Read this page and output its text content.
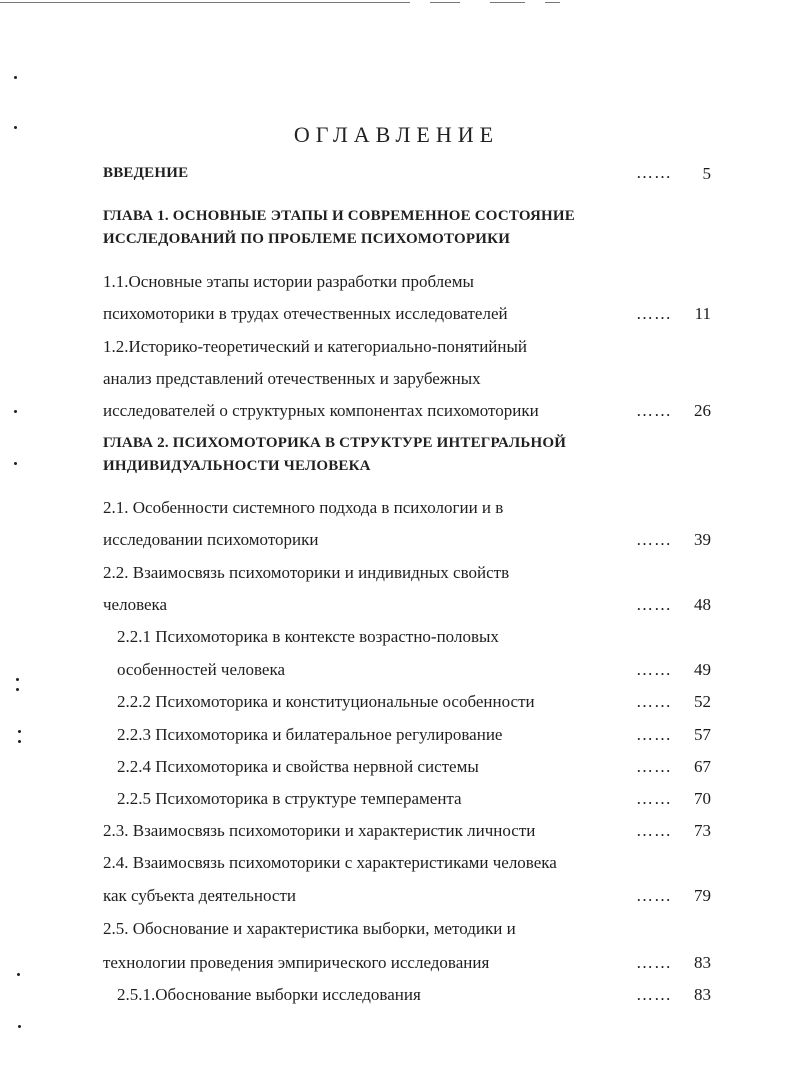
ОГЛАВЛЕНИЕ
ВВЕДЕНИЕ	……	5
ГЛАВА 1. ОСНОВНЫЕ ЭТАПЫ И СОВРЕМЕННОЕ СОСТОЯНИЕ
ИССЛЕДОВАНИЙ ПО ПРОБЛЕМЕ ПСИХОМОТОРИКИ
1.1.Основные этапы истории разработки проблемы
психомоторики в трудах отечественных исследователей	……	11
1.2.Историко-теоретический и категориально-понятийный
анализ представлений отечественных и зарубежных
исследователей о структурных компонентах психомоторики	……	26
ГЛАВА 2. ПСИХОМОТОРИКА В СТРУКТУРЕ ИНТЕГРАЛЬНОЙ
ИНДИВИДУАЛЬНОСТИ ЧЕЛОВЕКА
2.1. Особенности системного подхода в психологии и в
исследовании психомоторики	……	39
2.2. Взаимосвязь психомоторики и индивидных свойств
человека	……	48
2.2.1 Психомоторика в контексте возрастно-половых
особенностей человека	……	49
2.2.2 Психомоторика и конституциональные особенности	……	52
2.2.3 Психомоторика и билатеральное регулирование	……	57
2.2.4 Психомоторика и свойства нервной системы	……	67
2.2.5 Психомоторика в структуре темперамента	……	70
2.3. Взаимосвязь психомоторики и характеристик личности	……	73
2.4. Взаимосвязь психомоторики с характеристиками человека
как субъекта деятельности	……	79
2.5. Обоснование и характеристика выборки, методики и
технологии проведения эмпирического исследования	……	83
2.5.1.Обоснование выборки исследования	……	83
